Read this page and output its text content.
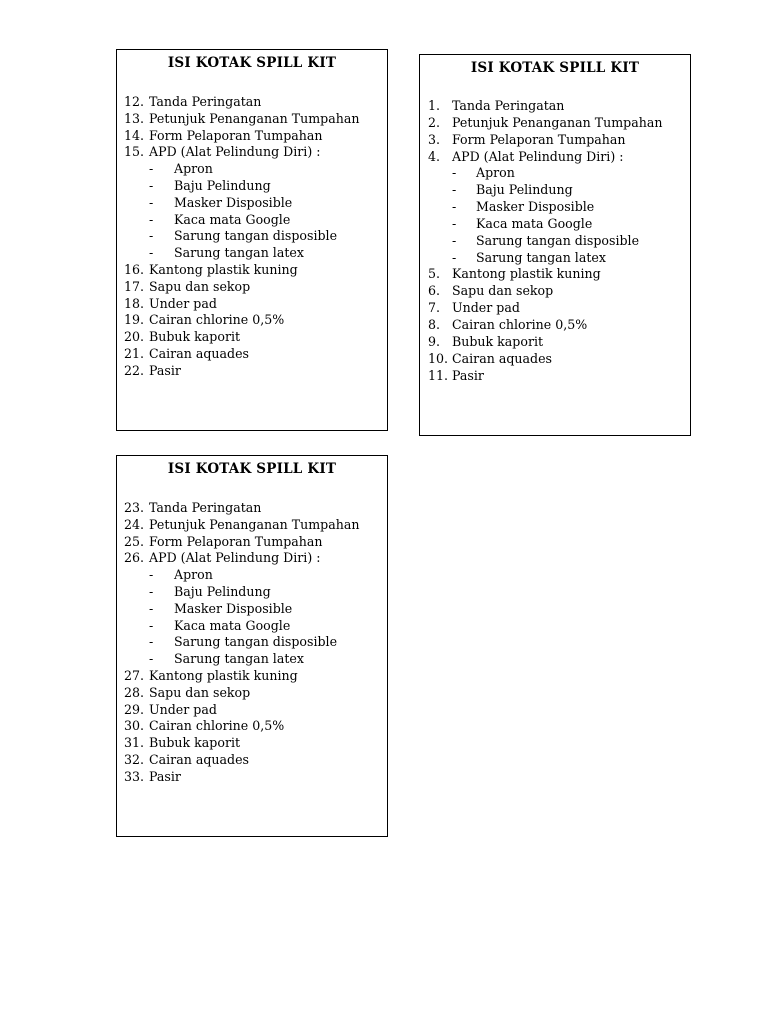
ISI KOTAK SPILL KIT
12. Tanda Peringatan
13. Petunjuk Penanganan Tumpahan
14. Form Pelaporan Tumpahan
15. APD (Alat Pelindung Diri) :
- Apron
- Baju Pelindung
- Masker Disposible
- Kaca mata Google
- Sarung tangan disposible
- Sarung tangan latex
16. Kantong plastik kuning
17. Sapu dan sekop
18. Under pad
19. Cairan chlorine 0,5%
20. Bubuk kaporit
21. Cairan aquades
22. Pasir
ISI KOTAK SPILL KIT
1. Tanda Peringatan
2. Petunjuk Penanganan Tumpahan
3. Form Pelaporan Tumpahan
4. APD (Alat Pelindung Diri) :
- Apron
- Baju Pelindung
- Masker Disposible
- Kaca mata Google
- Sarung tangan disposible
- Sarung tangan latex
5. Kantong plastik kuning
6. Sapu dan sekop
7. Under pad
8. Cairan chlorine 0,5%
9. Bubuk kaporit
10. Cairan aquades
11. Pasir
ISI KOTAK SPILL KIT
23. Tanda Peringatan
24. Petunjuk Penanganan Tumpahan
25. Form Pelaporan Tumpahan
26. APD (Alat Pelindung Diri) :
- Apron
- Baju Pelindung
- Masker Disposible
- Kaca mata Google
- Sarung tangan disposible
- Sarung tangan latex
27. Kantong plastik kuning
28. Sapu dan sekop
29. Under pad
30. Cairan chlorine 0,5%
31. Bubuk kaporit
32. Cairan aquades
33. Pasir
